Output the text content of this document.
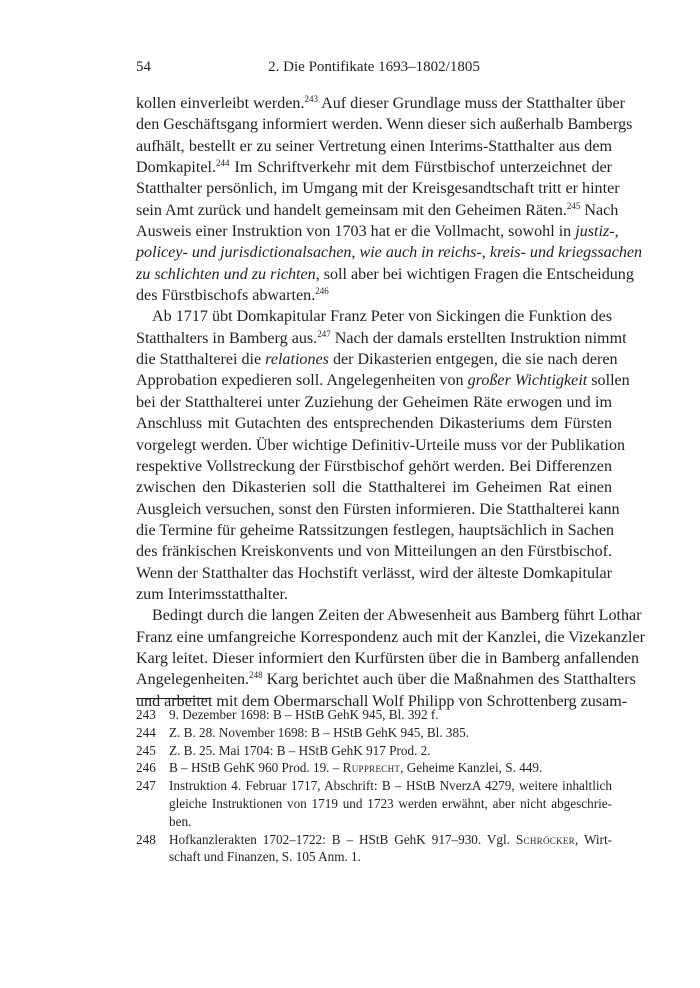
54	2. Die Pontifikate 1693–1802/1805
kollen einverleibt werden.$^{243}$ Auf dieser Grundlage muss der Statthalter über
den Geschäftsgang informiert werden. Wenn dieser sich außerhalb Bambergs
aufhält, bestellt er zu seiner Vertretung einen Interims-Statthalter aus dem
Domkapitel.$^{244}$ Im Schriftverkehr mit dem Fürstbischof unterzeichnet der
Statthalter persönlich, im Umgang mit der Kreisgesandtschaft tritt er hinter
sein Amt zurück und handelt gemeinsam mit den Geheimen Räten.$^{245}$ Nach
Ausweis einer Instruktion von 1703 hat er die Vollmacht, sowohl in justiz-,
policey- und jurisdictionalsachen, wie auch in reichs-, kreis- und kriegssachen
zu schlichten und zu richten, soll aber bei wichtigen Fragen die Entscheidung
des Fürstbischofs abwarten.$^{246}$
Ab 1717 übt Domkapitular Franz Peter von Sickingen die Funktion des
Statthalters in Bamberg aus.$^{247}$ Nach der damals erstellten Instruktion nimmt
die Statthalterei die relationes der Dikasterien entgegen, die sie nach deren
Approbation expedieren soll. Angelegenheiten von großer Wichtigkeit sollen
bei der Statthalterei unter Zuziehung der Geheimen Räte erwogen und im
Anschluss mit Gutachten des entsprechenden Dikasteriums dem Fürsten
vorgelegt werden. Über wichtige Definitiv-Urteile muss vor der Publikation
respektive Vollstreckung der Fürstbischof gehört werden. Bei Differenzen
zwischen den Dikasterien soll die Statthalterei im Geheimen Rat einen
Ausgleich versuchen, sonst den Fürsten informieren. Die Statthalterei kann
die Termine für geheime Ratssitzungen festlegen, hauptsächlich in Sachen
des fränkischen Kreiskonvents und von Mitteilungen an den Fürstbischof.
Wenn der Statthalter das Hochstift verlässt, wird der älteste Domkapitular
zum Interimsstatthalter.
Bedingt durch die langen Zeiten der Abwesenheit aus Bamberg führt Lothar
Franz eine umfangreiche Korrespondenz auch mit der Kanzlei, die Vizekanzler
Karg leitet. Dieser informiert den Kurfürsten über die in Bamberg anfallenden
Angelegenheiten.$^{248}$ Karg berichtet auch über die Maßnahmen des Statthalters
und arbeitet mit dem Obermarschall Wolf Philipp von Schrottenberg zusam-
243 9. Dezember 1698: B – HStB GehK 945, Bl. 392 f.
244 Z. B. 28. November 1698: B – HStB GehK 945, Bl. 385.
245 Z. B. 25. Mai 1704: B – HStB GehK 917 Prod. 2.
246 B – HStB GehK 960 Prod. 19. – Rupprecht, Geheime Kanzlei, S. 449.
247 Instruktion 4. Februar 1717, Abschrift: B – HStB NverzA 4279, weitere inhaltlich
gleiche Instruktionen von 1719 und 1723 werden erwähnt, aber nicht abgeschrie-
ben.
248 Hofkanzlerakten 1702–1722: B – HStB GehK 917–930. Vgl. Schröcker, Wirt-
schaft und Finanzen, S. 105 Anm. 1.
